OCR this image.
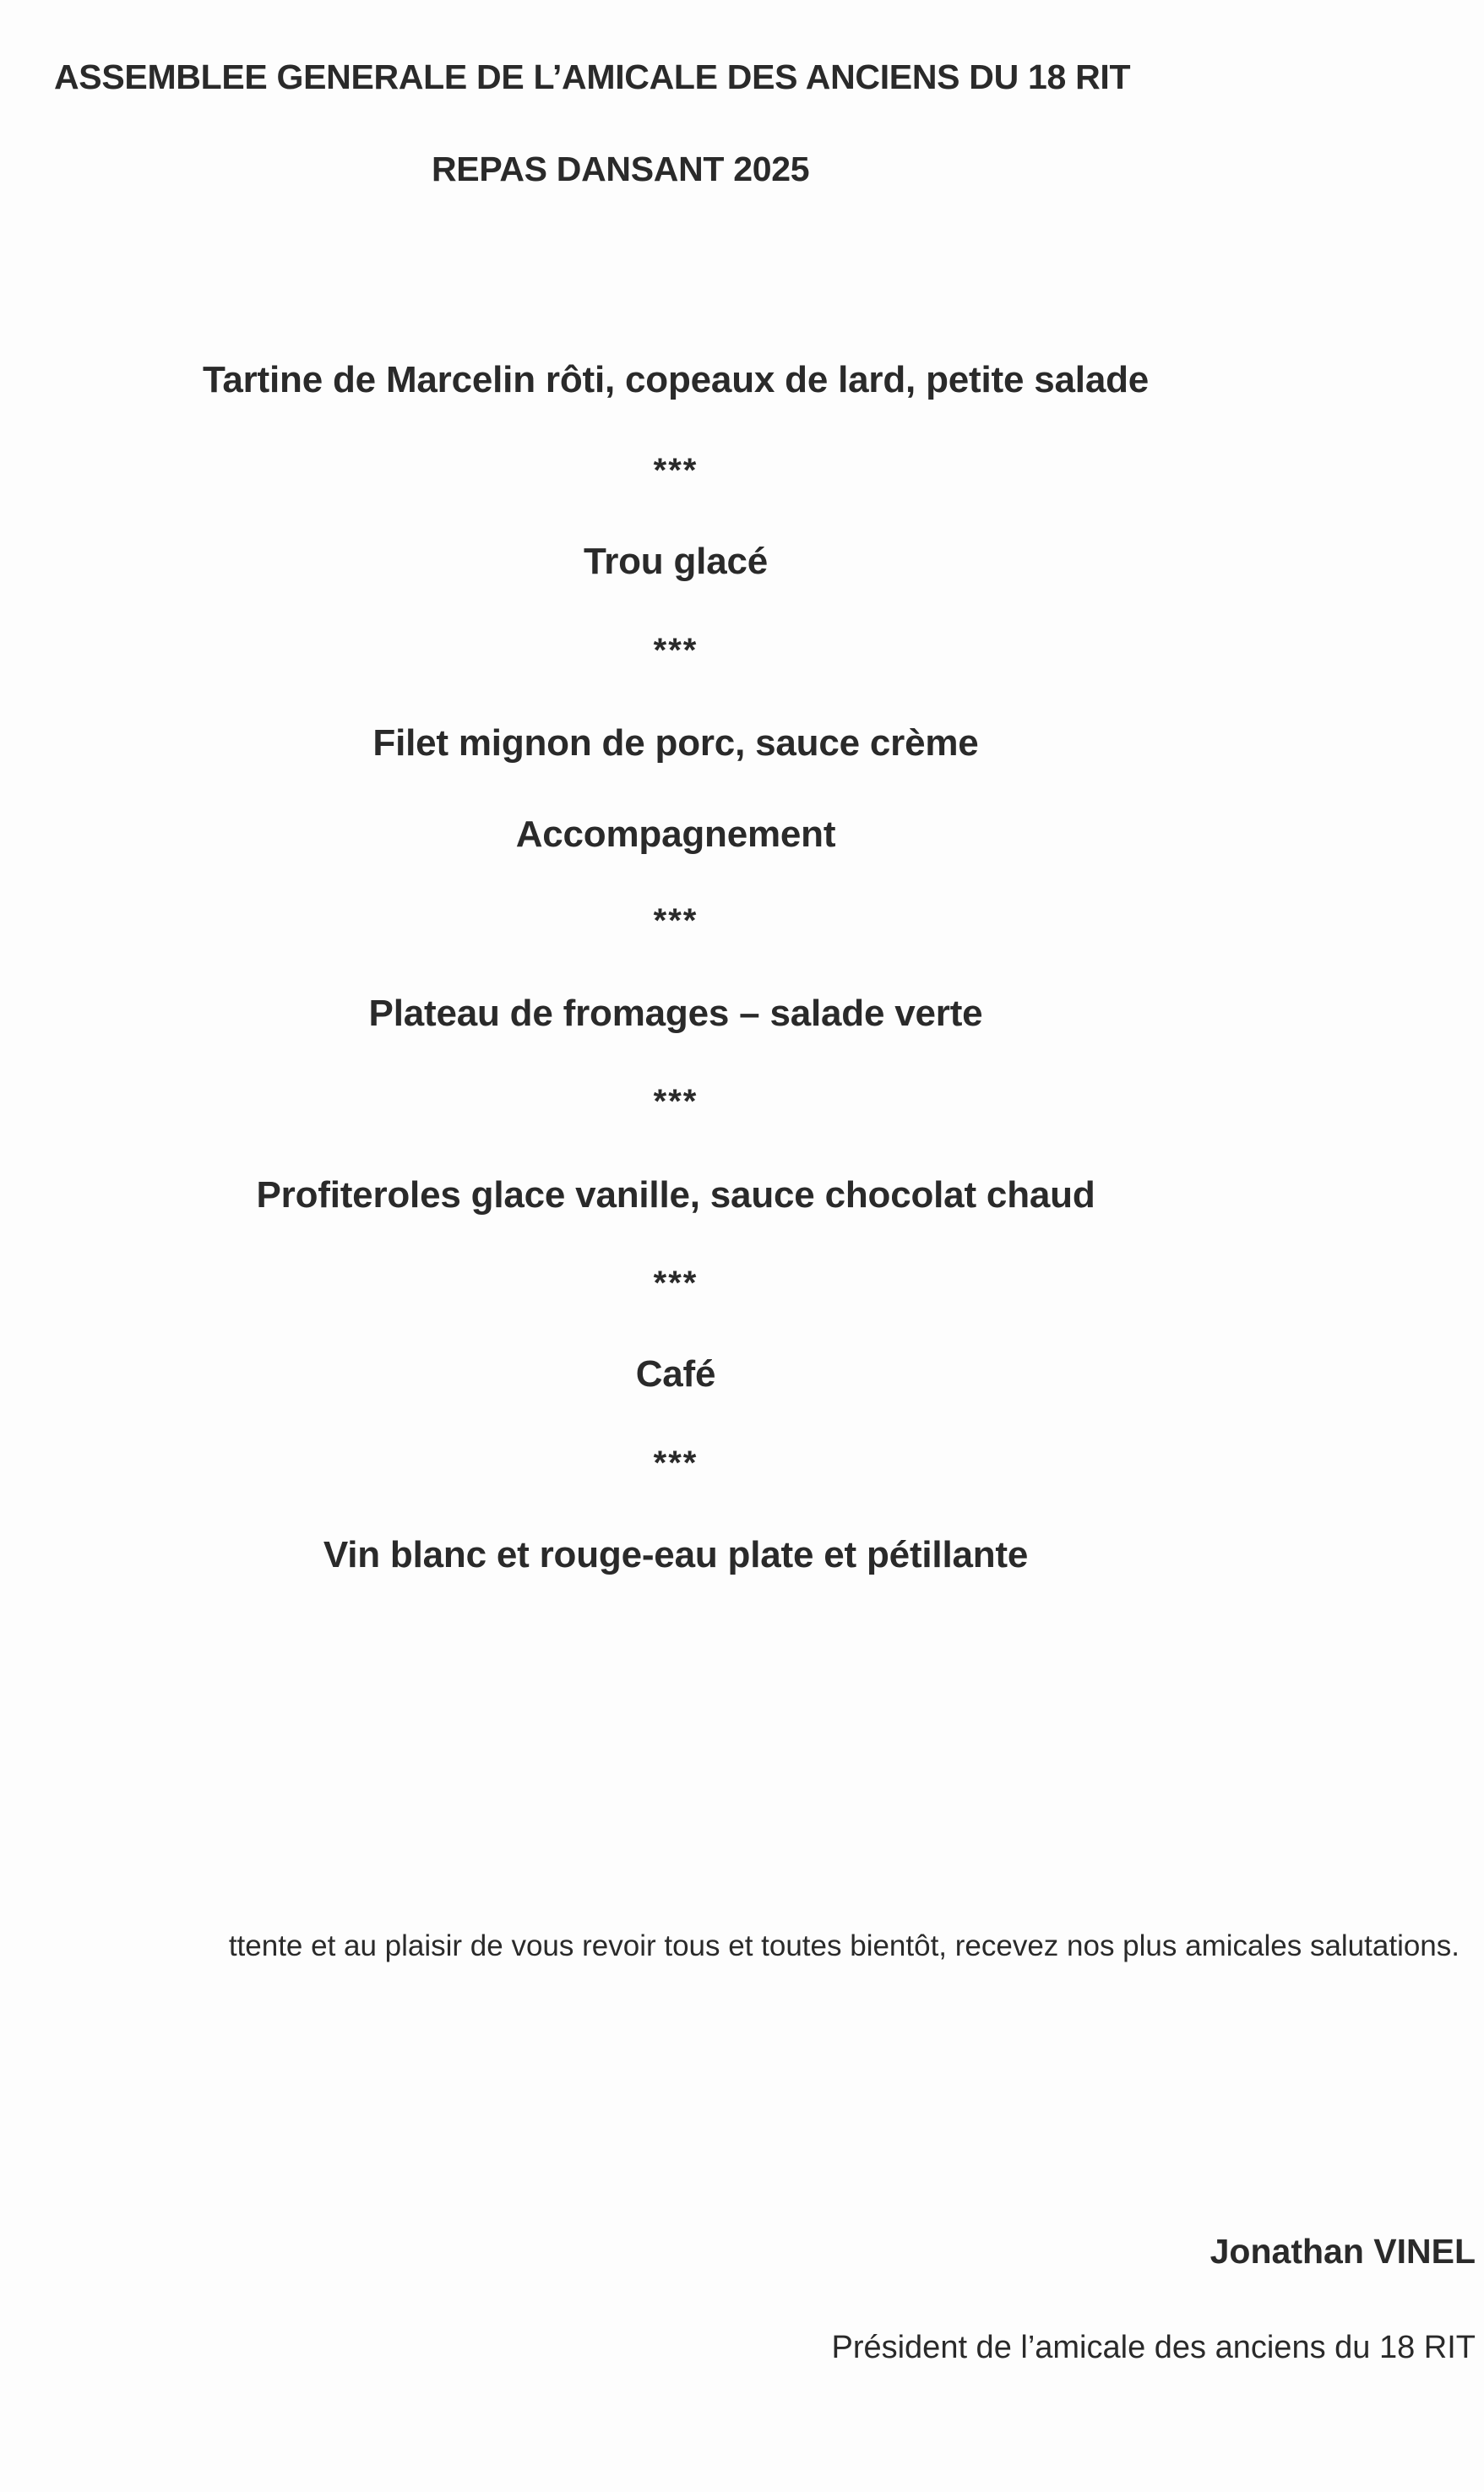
ASSEMBLEE GENERALE DE L’AMICALE DES ANCIENS DU 18 RIT
REPAS DANSANT 2025
Tartine de Marcelin rôti, copeaux de lard, petite salade
***
Trou glacé
***
Filet mignon de porc, sauce crème
Accompagnement
***
Plateau de fromages – salade verte
***
Profiteroles glace vanille, sauce chocolat chaud
***
Café
***
Vin blanc et rouge-eau plate et pétillante
ttente et au plaisir de vous revoir tous et toutes bientôt, recevez nos plus amicales salutations.
Jonathan VINEL
Président de l’amicale des anciens du 18 RIT
